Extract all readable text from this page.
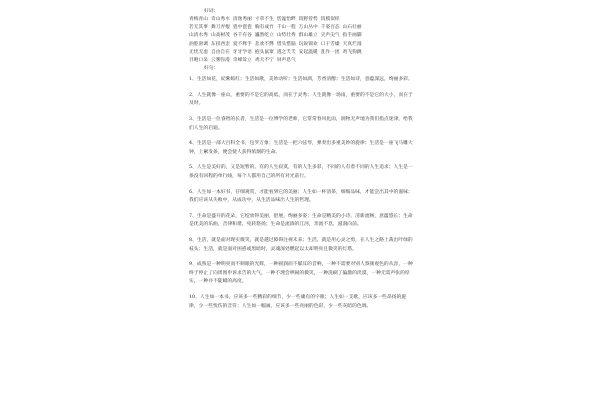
好词：
青梅青山 奇山秀水 清逸秀丽 寸草不生 恬谧怡畔 饭野曾势 饭模似样
若无其事 舞刀弄棍 瓷中瓷瓷 胸有成竹 千山一程 万山丛中 千姿百态 山石壮丽
山清水秀 山高树茂 谷千有谷 巍然屹立 山势壮秀 群山雄立 尖声尖气 指手画脚
油腔滑调 东扭西歪 爱不释手 悲欢不弊 惜头惜脑 玩锐锦欢 口干舌燥 天真烂漫
无忧无虑 自由自在 牙牙学语 抱头鼠窜 逃之夭夭 安起温暖 乱作一团 鸡飞狗跳
目瞪口呆 云雾弥漫 奇峰耸立 鸡犬不宁 屏声息气
好句：
1、生活如花，姹紫嫣红；生活如歌，美妙动听；生活如酒，芳香清醇；生活如诗，意蕴深远，绚丽多彩。
2、人生就像一座山，重要的不是它的高低，而在于灵秀；人生就像一场雨，重要的不是它的大小，而在于及时。
3、生活是一位睿智的长者，生活是一位博学的老师，它常常春风化雨，润物无声地为我们指点迷津，给我们人生的启迪。
4、生活是一部大百科全书，包罗万象；生活是一把六弦琴，弹奏出多重美妙的旋律；生活是一座飞马雕大钟，上紧发条，便会使人获得浓烟的生命。
5、人生是美好的，又是短暂的。有的人生寂寞，有的人生多彩，不同的人有着不同的人生追求；人生是一条没有回程的单行线，每个人都用自己的所有对光前行。
6、人生如一本好书，仔细观赏，才能看到它的美丽；人生如一杯清茶，细细品味，才能尝出其中的滋味；我们应该从失败中，从成功中，从生活品味出人生的哲理。
7、生命是盛开的花朵，它绽放得美丽，舒展，绚丽多姿；生命是精美的小诗，清新流畅，意蕴悠长；生命是优美的乐曲，音律和谐，宛转悠扬；生命是流淌的江河，奔流不息，滋润向前。
8、生活，就是面对现实微笑，就是越过障碍注视未来；生活，就是用心灵之剪，在人生之路上裁出叶绿的枝头；生活，就是面对困惑或黑暗时，灵魂深处燃起以太却明亮且微笑的灯塔。
9、成熟是一种明亮而不刺眼的光辉，一种圆润而不腻耳的音响，一种不需要对别人察颜观色的从容，一种终于停止了向周围申诉求告的大气，一种不理会哄闹的微笑，一种洗刷了偏激的淡漠，一种无需声张的厚实，一种并不陡峭的高度。
10、人生如一本书，应该多一些精彩的细节，少一些庸有的字眼；人生如一支歌，应该多一些昂扬的旋律，少一些忧伤的音符；人生如一幅画，应该多一些亮丽的色彩，少一些灰暗的色调。
